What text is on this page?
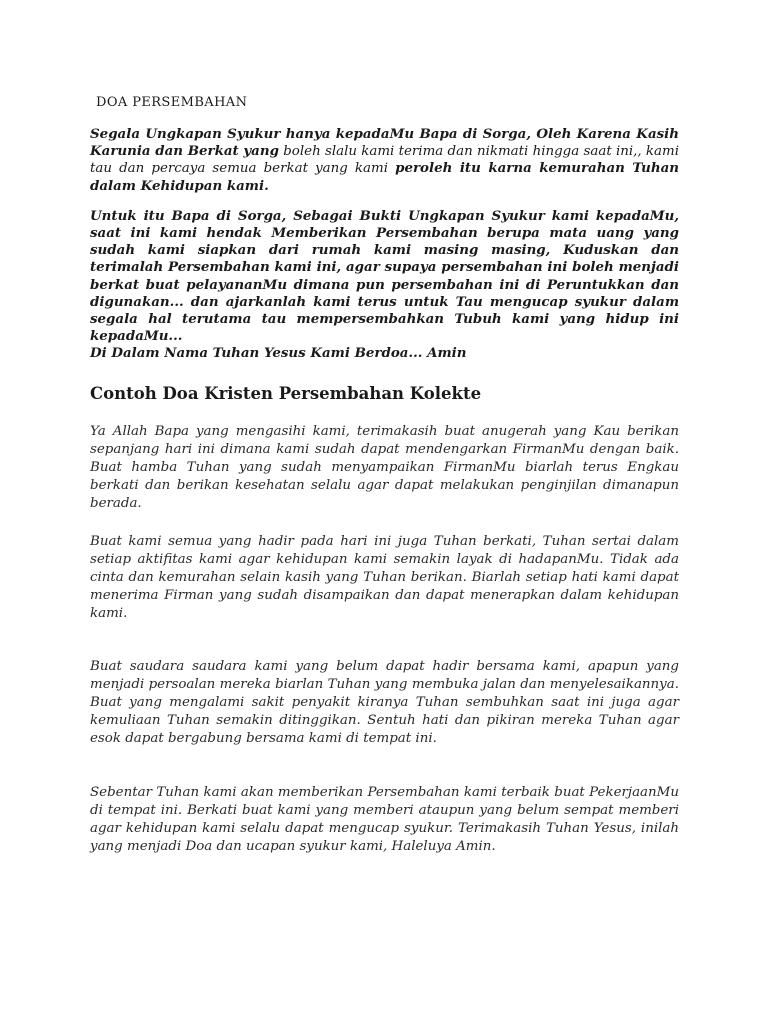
DOA PERSEMBAHAN

Segala Ungkapan Syukur hanya kepadaMu Bapa di Sorga, Oleh Karena Kasih Karunia dan Berkat yang boleh slalu kami terima dan nikmati hingga saat ini,, kami tau dan percaya semua berkat yang kami peroleh itu karna kemurahan Tuhan dalam Kehidupan kami.

Untuk itu Bapa di Sorga, Sebagai Bukti Ungkapan Syukur kami kepadaMu, saat ini kami hendak Memberikan Persembahan berupa mata uang yang sudah kami siapkan dari rumah kami masing masing, Kuduskan dan terimalah Persembahan kami ini, agar supaya persembahan ini boleh menjadi berkat buat pelayananMu dimana pun persembahan ini di Peruntukkan dan digunakan... dan ajarkanlah kami terus untuk Tau mengucap syukur dalam segala hal terutama tau mempersembahkan Tubuh kami yang hidup ini kepadaMu...

Di Dalam Nama Tuhan Yesus Kami Berdoa... Amin

Contoh Doa Kristen Persembahan Kolekte

Ya Allah Bapa yang mengasihi kami, terimakasih buat anugerah yang Kau berikan sepanjang hari ini dimana kami sudah dapat mendengarkan FirmanMu dengan baik. Buat hamba Tuhan yang sudah menyampaikan FirmanMu biarlah terus Engkau berkati dan berikan kesehatan selalu agar dapat melakukan penginjilan dimanapun berada.

Buat kami semua yang hadir pada hari ini juga Tuhan berkati, Tuhan sertai dalam setiap aktifitas kami agar kehidupan kami semakin layak di hadapanMu. Tidak ada cinta dan kemurahan selain kasih yang Tuhan berikan. Biarlah setiap hati kami dapat menerima Firman yang sudah disampaikan dan dapat menerapkan dalam kehidupan kami.

Buat saudara saudara kami yang belum dapat hadir bersama kami, apapun yang menjadi persoalan mereka biarlan Tuhan yang membuka jalan dan menyelesaikannya. Buat yang mengalami sakit penyakit kiranya Tuhan sembuhkan saat ini juga agar kemuliaan Tuhan semakin ditinggikan. Sentuh hati dan pikiran mereka Tuhan agar esok dapat bergabung bersama kami di tempat ini.

Sebentar Tuhan kami akan memberikan Persembahan kami terbaik buat PekerjaanMu di tempat ini. Berkati buat kami yang memberi ataupun yang belum sempat memberi agar kehidupan kami selalu dapat mengucap syukur. Terimakasih Tuhan Yesus, inilah yang menjadi Doa dan ucapan syukur kami, Haleluya Amin.
